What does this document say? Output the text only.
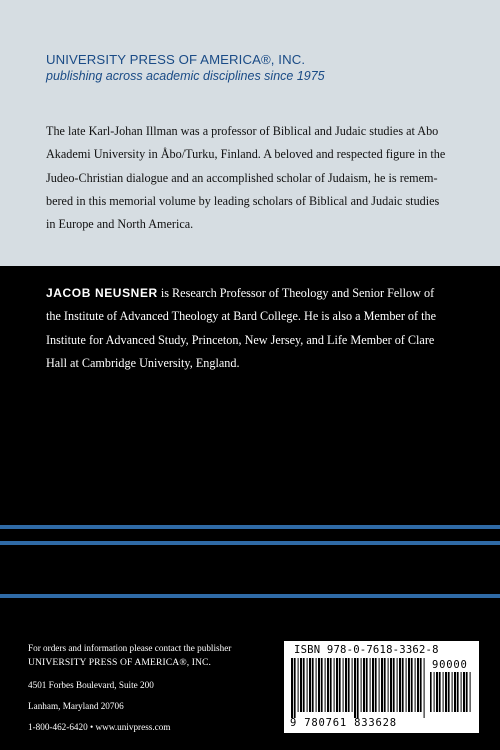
UNIVERSITY PRESS OF AMERICA®, INC.
publishing across academic disciplines since 1975

The late Karl-Johan Illman was a professor of Biblical and Judaic studies at Abo
Akademi University in Åbo/Turku, Finland. A beloved and respected figure in the
Judeo-Christian dialogue and an accomplished scholar of Judaism, he is remem-
bered in this memorial volume by leading scholars of Biblical and Judaic studies
in Europe and North America.

JACOB NEUSNER is Research Professor of Theology and Senior Fellow of
the Institute of Advanced Theology at Bard College. He is also a Member of the
Institute for Advanced Study, Princeton, New Jersey, and Life Member of Clare
Hall at Cambridge University, England.

For orders and information please contact the publisher
UNIVERSITY PRESS OF AMERICA®, INC.
4501 Forbes Boulevard, Suite 200
Lanham, Maryland 20706
1-800-462-6420 • www.univpress.com
ISBN 978-0-7618-3362-8
9 780761 833628
90000
